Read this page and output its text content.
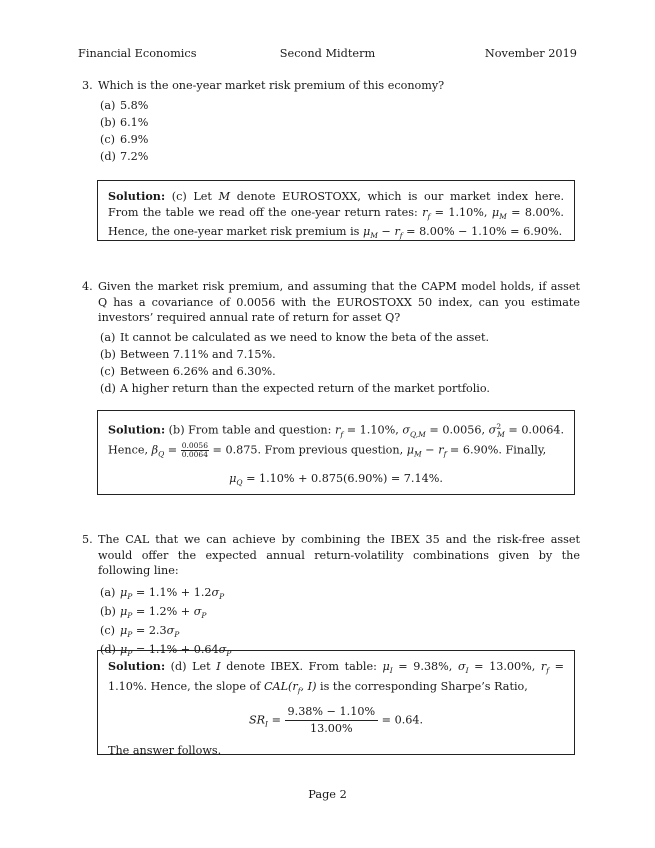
Financial Economics	Second Midterm	November 2019
3. Which is the one-year market risk premium of this economy?
(a) 5.8%
(b) 6.1%
(c) 6.9%
(d) 7.2%
Solution: (c) Let M denote EUROSTOXX, which is our market index here. From the table we read off the one-year return rates: $r_f = 1.10\%$, $\mu_M = 8.00\%$. Hence, the one-year market risk premium is $\mu_M - r_f = 8.00\% - 1.10\% = 6.90\%$.
4. Given the market risk premium, and assuming that the CAPM model holds, if asset Q has a covariance of 0.0056 with the EUROSTOXX 50 index, can you estimate investors’ required annual rate of return for asset Q?
(a) It cannot be calculated as we need to know the beta of the asset.
(b) Between 7.11% and 7.15%.
(c) Between 6.26% and 6.30%.
(d) A higher return than the expected return of the market portfolio.
Solution: (b) From table and question: $r_f = 1.10\%$, $\sigma_{Q,M} = 0.0056$, $\sigma^2_M = 0.0064$. Hence, $\beta_Q = \frac{0.0056}{0.0064} = 0.875$. From previous question, $\mu_M - r_f = 6.90\%$. Finally,
$\mu_Q = 1.10\% + 0.875(6.90\%) = 7.14\%$.
5. The CAL that we can achieve by combining the IBEX 35 and the risk-free asset would offer the expected annual return-volatility combinations given by the following line:
(a) $\mu_P = 1.1\% + 1.2\sigma_P$
(b) $\mu_P = 1.2\% + \sigma_P$
(c) $\mu_P = 2.3\sigma_P$
(d) $\mu_P = 1.1\% + 0.64\sigma_P$
Solution: (d) Let I denote IBEX. From table: $\mu_I = 9.38\%$, $\sigma_I = 13.00\%$, $r_f = 1.10\%$. Hence, the slope of $CAL(r_f$, I) is the corresponding Sharpe’s Ratio,
$SR_I = \frac{9.38\% - 1.10\%}{13.00\%} = 0.64$.
The answer follows.
Page 2
